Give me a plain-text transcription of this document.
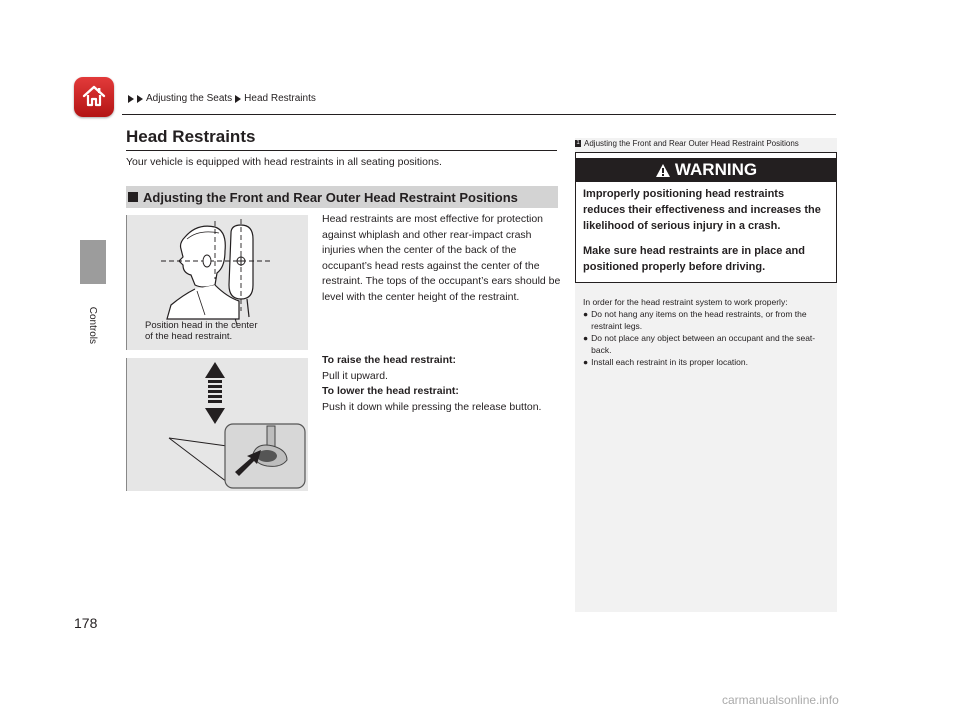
Adjusting the Seats Head Restraints
Controls
Head Restraints
Your vehicle is equipped with head restraints in all seating positions.
Adjusting the Front and Rear Outer Head Restraint Positions
Position head in the center
of the head restraint.
Head restraints are most effective for protection against whiplash and other rear-impact crash injuries when the center of the back of the occupant’s head rests against the center of the restraint. The tops of the occupant’s ears should be level with the center height of the restraint.
To raise the head restraint:
Pull it upward.
To lower the head restraint:
Push it down while pressing the release button.
1 Adjusting the Front and Rear Outer Head Restraint Positions
WARNING
Improperly positioning head restraints reduces their effectiveness and increases the likelihood of serious injury in a crash.
Make sure head restraints are in place and positioned properly before driving.
In order for the head restraint system to work properly:
● Do not hang any items on the head restraints, or from the restraint legs.
● Do not place any object between an occupant and the seat-back.
● Install each restraint in its proper location.
178
carmanualsonline.info
